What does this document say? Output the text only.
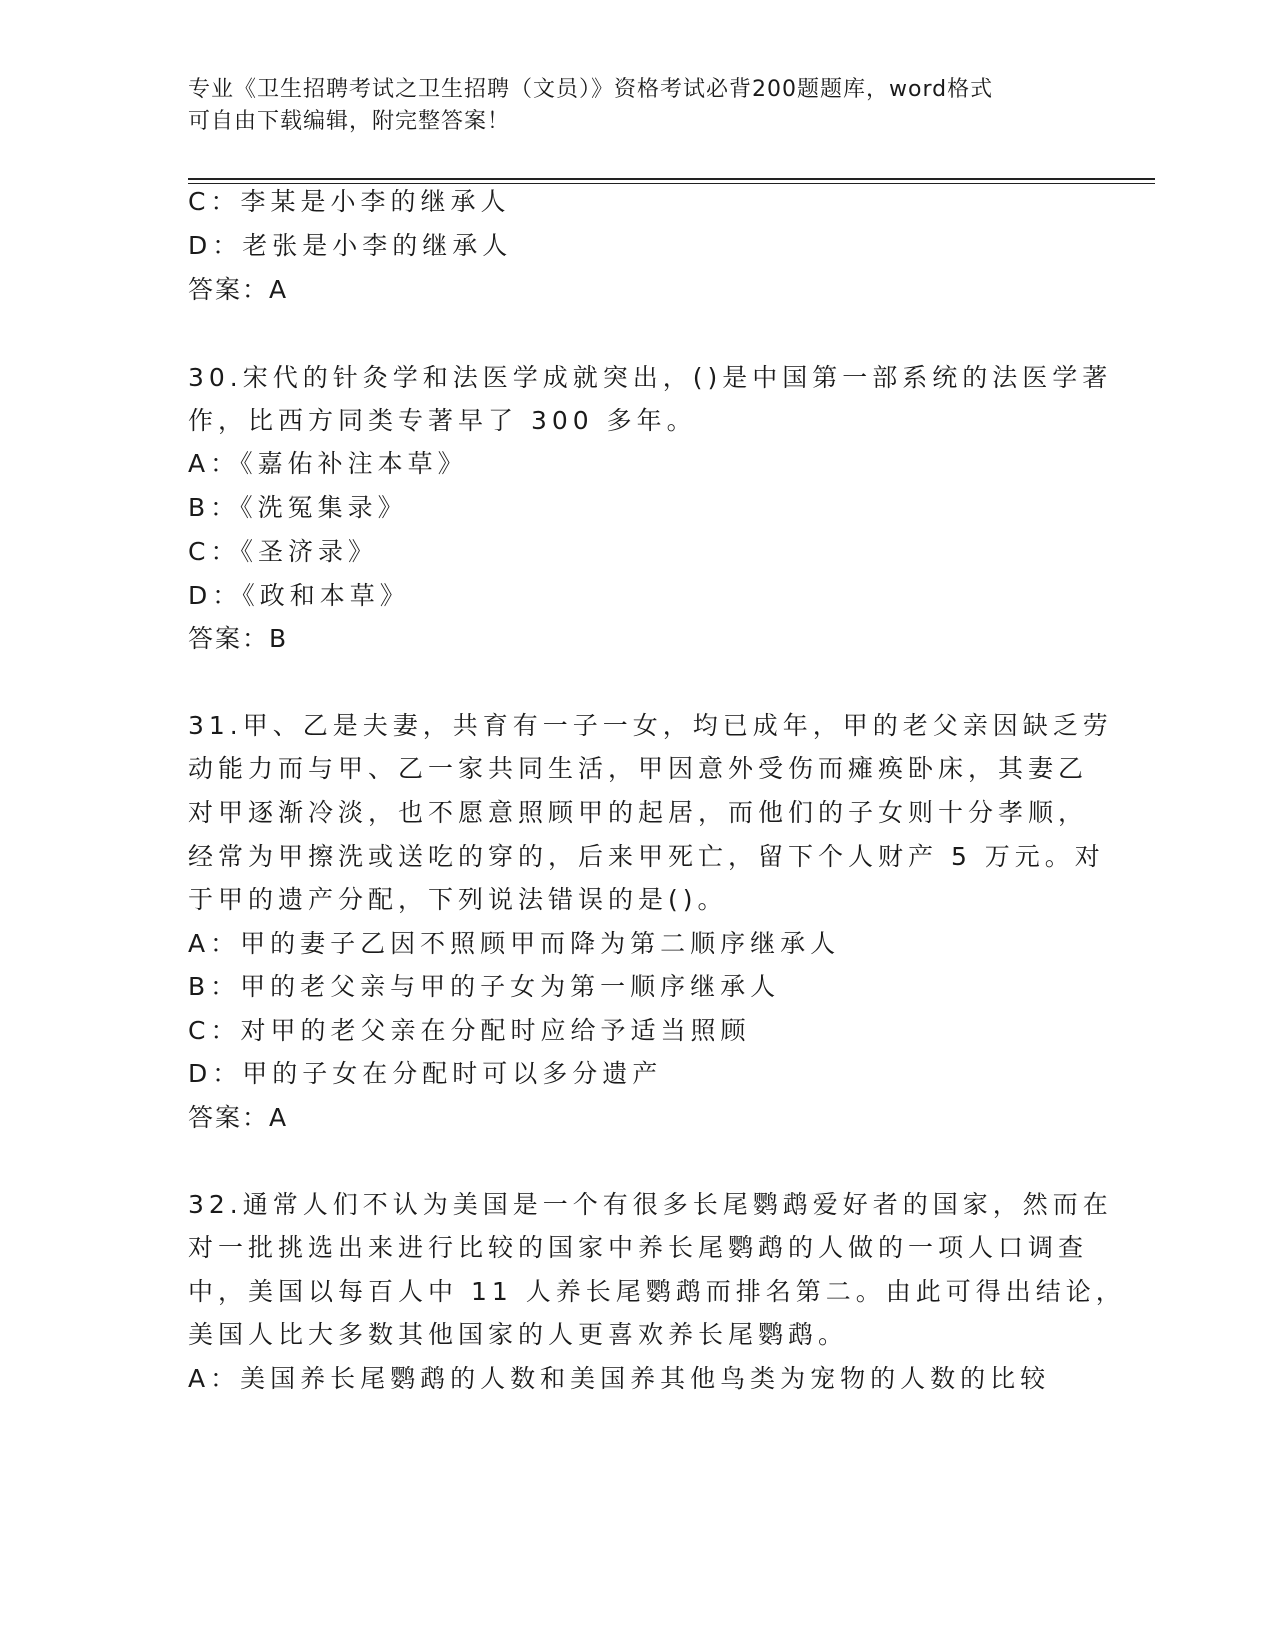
专业《卫生招聘考试之卫生招聘（文员）》资格考试必背200题题库，word格式
可自由下载编辑，附完整答案！
C：李某是小李的继承人
D：老张是小李的继承人
答案：A
30.宋代的针灸学和法医学成就突出，()是中国第一部系统的法医学著
作，比西方同类专著早了 300 多年。
A：《嘉佑补注本草》
B：《洗冤集录》
C：《圣济录》
D：《政和本草》
答案：B
31.甲、乙是夫妻，共育有一子一女，均已成年，甲的老父亲因缺乏劳
动能力而与甲、乙一家共同生活，甲因意外受伤而瘫痪卧床，其妻乙
对甲逐渐冷淡，也不愿意照顾甲的起居，而他们的子女则十分孝顺，
经常为甲擦洗或送吃的穿的，后来甲死亡，留下个人财产 5 万元。对
于甲的遗产分配，下列说法错误的是()。
A：甲的妻子乙因不照顾甲而降为第二顺序继承人
B：甲的老父亲与甲的子女为第一顺序继承人
C：对甲的老父亲在分配时应给予适当照顾
D：甲的子女在分配时可以多分遗产
答案：A
32.通常人们不认为美国是一个有很多长尾鹦鹉爱好者的国家，然而在
对一批挑选出来进行比较的国家中养长尾鹦鹉的人做的一项人口调查
中，美国以每百人中 11 人养长尾鹦鹉而排名第二。由此可得出结论，
美国人比大多数其他国家的人更喜欢养长尾鹦鹉。
A：美国养长尾鹦鹉的人数和美国养其他鸟类为宠物的人数的比较
